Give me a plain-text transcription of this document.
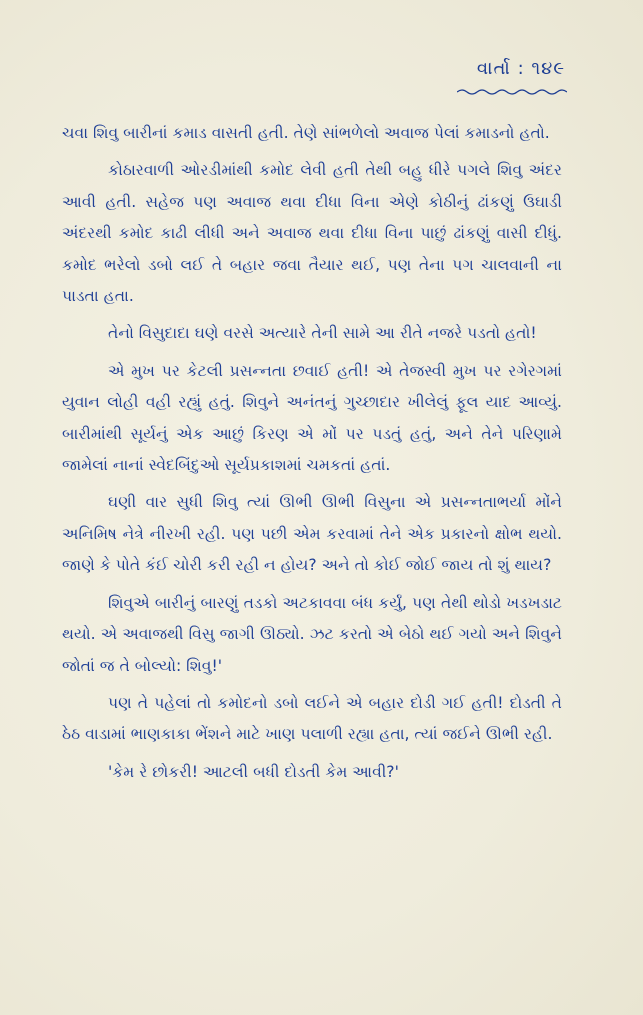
વાર્તા : ૧૪૯

ચવા શિવુ બારીનાં કમાડ વાસતી હતી. તેણે સાંભળેલો અવાજ પેલાં કમાડનો હતો.

કોઠારવાળી ઓરડીમાંથી કમોદ લેવી હતી તેથી બહુ ધીરે પગલે શિવુ અંદર આવી હતી. સહેજ પણ અવાજ થવા દીધા વિના એણે કોઠીનું ઢાંકણું ઉઘાડી અંદરથી કમોદ કાઢી લીધી અને અવાજ થવા દીધા વિના પાછું ઢાંકણું વાસી દીધું. કમોદ ભરેલો ડબો લઈ તે બહાર જવા તૈયાર થઈ, પણ તેના પગ ચાલવાની ના પાડતા હતા.

તેનો વિસુદાદા ઘણે વરસે અત્યારે તેની સામે આ રીતે નજરે પડતો હતો!

એ મુખ પર કેટલી પ્રસન્નતા છવાઈ હતી! એ તેજસ્વી મુખ પર રગેરગમાં યુવાન લોહી વહી રહ્યું હતું. શિવુને અનંતનું ગુચ્છાદાર ખીલેલું ફૂલ યાદ આવ્યું. બારીમાંથી સૂર્યનું એક આછું કિરણ એ મોં પર પડતું હતું, અને તેને પરિણામે જામેલાં નાનાં સ્વેદબિંદુઓ સૂર્યપ્રકાશમાં ચમકતાં હતાં.

ઘણી વાર સુધી શિવુ ત્યાં ઊભી ઊભી વિસુના એ પ્રસન્નતાભર્યા મોંને અનિમિષ નેત્રે નીરખી રહી. પણ પછી એમ કરવામાં તેને એક પ્રકારનો ક્ષોભ થયો. જાણે કે પોતે કંઈ ચોરી કરી રહી ન હોય? અને તો કોઈ જોઈ જાય તો શું થાય?

શિવુએ બારીનું બારણું તડકો અટકાવવા બંધ કર્યું, પણ તેથી થોડો ખડખડાટ થયો. એ અવાજથી વિસુ જાગી ઊઠ્યો. ઝટ કરતો એ બેઠો થઈ ગયો અને શિવુને જોતાં જ તે બોલ્યો: શિવુ!'

પણ તે પહેલાં તો કમોદનો ડબો લઈને એ બહાર દોડી ગઈ હતી! દોડતી તે ઠેઠ વાડામાં ભાણકાકા ભેંશને માટે ખાણ પલાળી રહ્યા હતા, ત્યાં જઈને ઊભી રહી.

'કેમ રે છોકરી! આટલી બધી દોડતી કેમ આવી?'
